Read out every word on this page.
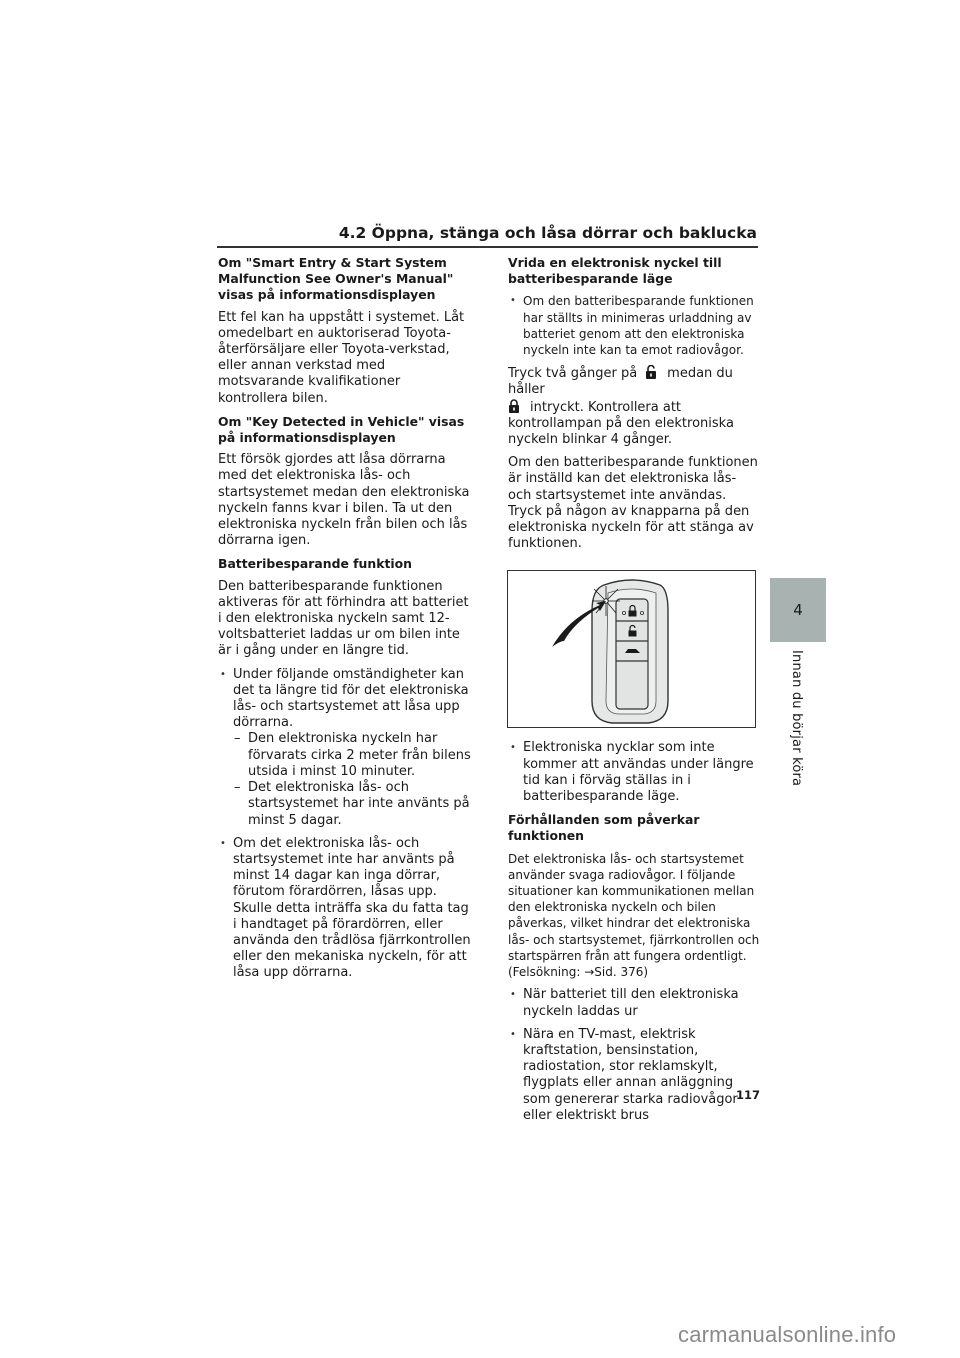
4.2 Öppna, stänga och låsa dörrar och baklucka
Om "Smart Entry & Start System Malfunction See Owner's Manual" visas på informationsdisplayen

Ett fel kan ha uppstått i systemet. Låt omedelbart en auktoriserad Toyota-återförsäljare eller Toyota-verkstad, eller annan verkstad med motsvarande kvalifikationer kontrollera bilen.

Om "Key Detected in Vehicle" visas på informationsdisplayen

Ett försök gjordes att låsa dörrarna med det elektroniska lås- och startsystemet medan den elektroniska nyckeln fanns kvar i bilen. Ta ut den elektroniska nyckeln från bilen och lås dörrarna igen.

Batteribesparande funktion

Den batteribesparande funktionen aktiveras för att förhindra att batteriet i den elektroniska nyckeln samt 12-voltsbatteriet laddas ur om bilen inte är i gång under en längre tid.

• Under följande omständigheter kan det ta längre tid för det elektroniska lås- och startsystemet att låsa upp dörrarna.
– Den elektroniska nyckeln har förvarats cirka 2 meter från bilens utsida i minst 10 minuter.
– Det elektroniska lås- och startsystemet har inte använts på minst 5 dagar.
• Om det elektroniska lås- och startsystemet inte har använts på minst 14 dagar kan inga dörrar, förutom förardörren, låsas upp. Skulle detta inträffa ska du fatta tag i handtaget på förardörren, eller använda den trådlösa fjärrkontrollen eller den mekaniska nyckeln, för att låsa upp dörrarna.
Vrida en elektronisk nyckel till batteribesparande läge
• Om den batteribesparande funktionen har ställts in minimeras urladdning av batteriet genom att den elektroniska nyckeln inte kan ta emot radiovågor.

Tryck två gånger på medan du håller
intryckt. Kontrollera att kontrollampan på den elektroniska nyckeln blinkar 4 gånger.

Om den batteribesparande funktionen är inställd kan det elektroniska lås- och startsystemet inte användas. Tryck på någon av knapparna på den elektroniska nyckeln för att stänga av funktionen.

• Elektroniska nycklar som inte kommer att användas under längre tid kan i förväg ställas in i batteribesparande läge.
Förhållanden som påverkar funktionen

Det elektroniska lås- och startsystemet använder svaga radiovågor. I följande situationer kan kommunikationen mellan den elektroniska nyckeln och bilen påverkas, vilket hindrar det elektroniska lås- och startsystemet, fjärrkontrollen och startspärren från att fungera ordentligt. (Felsökning: →Sid. 376)

• När batteriet till den elektroniska nyckeln laddas ur
• Nära en TV-mast, elektrisk kraftstation, bensinstation, radiostation, stor reklamskylt, flygplats eller annan anläggning som genererar starka radiovågor eller elektriskt brus
4
Innan du börjar köra
117
carmanualsonline.info
